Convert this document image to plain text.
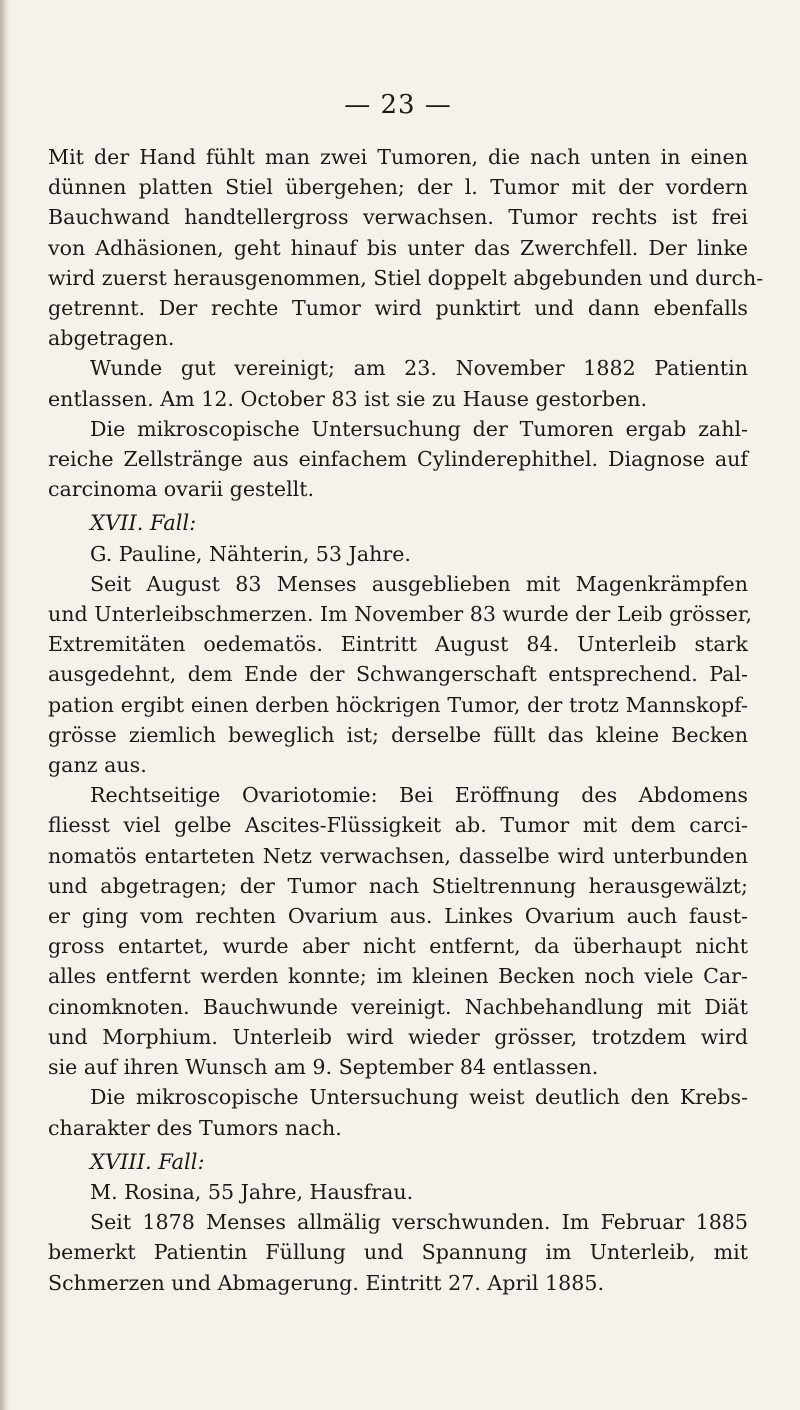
— 23 —
Mit der Hand fühlt man zwei Tumoren, die nach unten in einen
dünnen platten Stiel übergehen; der l. Tumor mit der vordern
Bauchwand handtellergross verwachsen. Tumor rechts ist frei
von Adhäsionen, geht hinauf bis unter das Zwerchfell. Der linke
wird zuerst herausgenommen, Stiel doppelt abgebunden und durch-
getrennt. Der rechte Tumor wird punktirt und dann ebenfalls
abgetragen.
Wunde gut vereinigt; am 23. November 1882 Patientin
entlassen. Am 12. October 83 ist sie zu Hause gestorben.
Die mikroscopische Untersuchung der Tumoren ergab zahl-
reiche Zellstränge aus einfachem Cylinderephithel. Diagnose auf
carcinoma ovarii gestellt.
XVII. Fall:
G. Pauline, Nähterin, 53 Jahre.
Seit August 83 Menses ausgeblieben mit Magenkrämpfen
und Unterleibschmerzen. Im November 83 wurde der Leib grösser,
Extremitäten oedematös. Eintritt August 84. Unterleib stark
ausgedehnt, dem Ende der Schwangerschaft entsprechend. Pal-
pation ergibt einen derben höckrigen Tumor, der trotz Mannskopf-
grösse ziemlich beweglich ist; derselbe füllt das kleine Becken
ganz aus.
Rechtseitige Ovariotomie: Bei Eröffnung des Abdomens
fliesst viel gelbe Ascites-Flüssigkeit ab. Tumor mit dem carci-
nomatös entarteten Netz verwachsen, dasselbe wird unterbunden
und abgetragen; der Tumor nach Stieltrennung herausgewälzt;
er ging vom rechten Ovarium aus. Linkes Ovarium auch faust-
gross entartet, wurde aber nicht entfernt, da überhaupt nicht
alles entfernt werden konnte; im kleinen Becken noch viele Car-
cinomknoten. Bauchwunde vereinigt. Nachbehandlung mit Diät
und Morphium. Unterleib wird wieder grösser, trotzdem wird
sie auf ihren Wunsch am 9. September 84 entlassen.
Die mikroscopische Untersuchung weist deutlich den Krebs-
charakter des Tumors nach.
XVIII. Fall:
M. Rosina, 55 Jahre, Hausfrau.
Seit 1878 Menses allmälig verschwunden. Im Februar 1885
bemerkt Patientin Füllung und Spannung im Unterleib, mit
Schmerzen und Abmagerung. Eintritt 27. April 1885.
